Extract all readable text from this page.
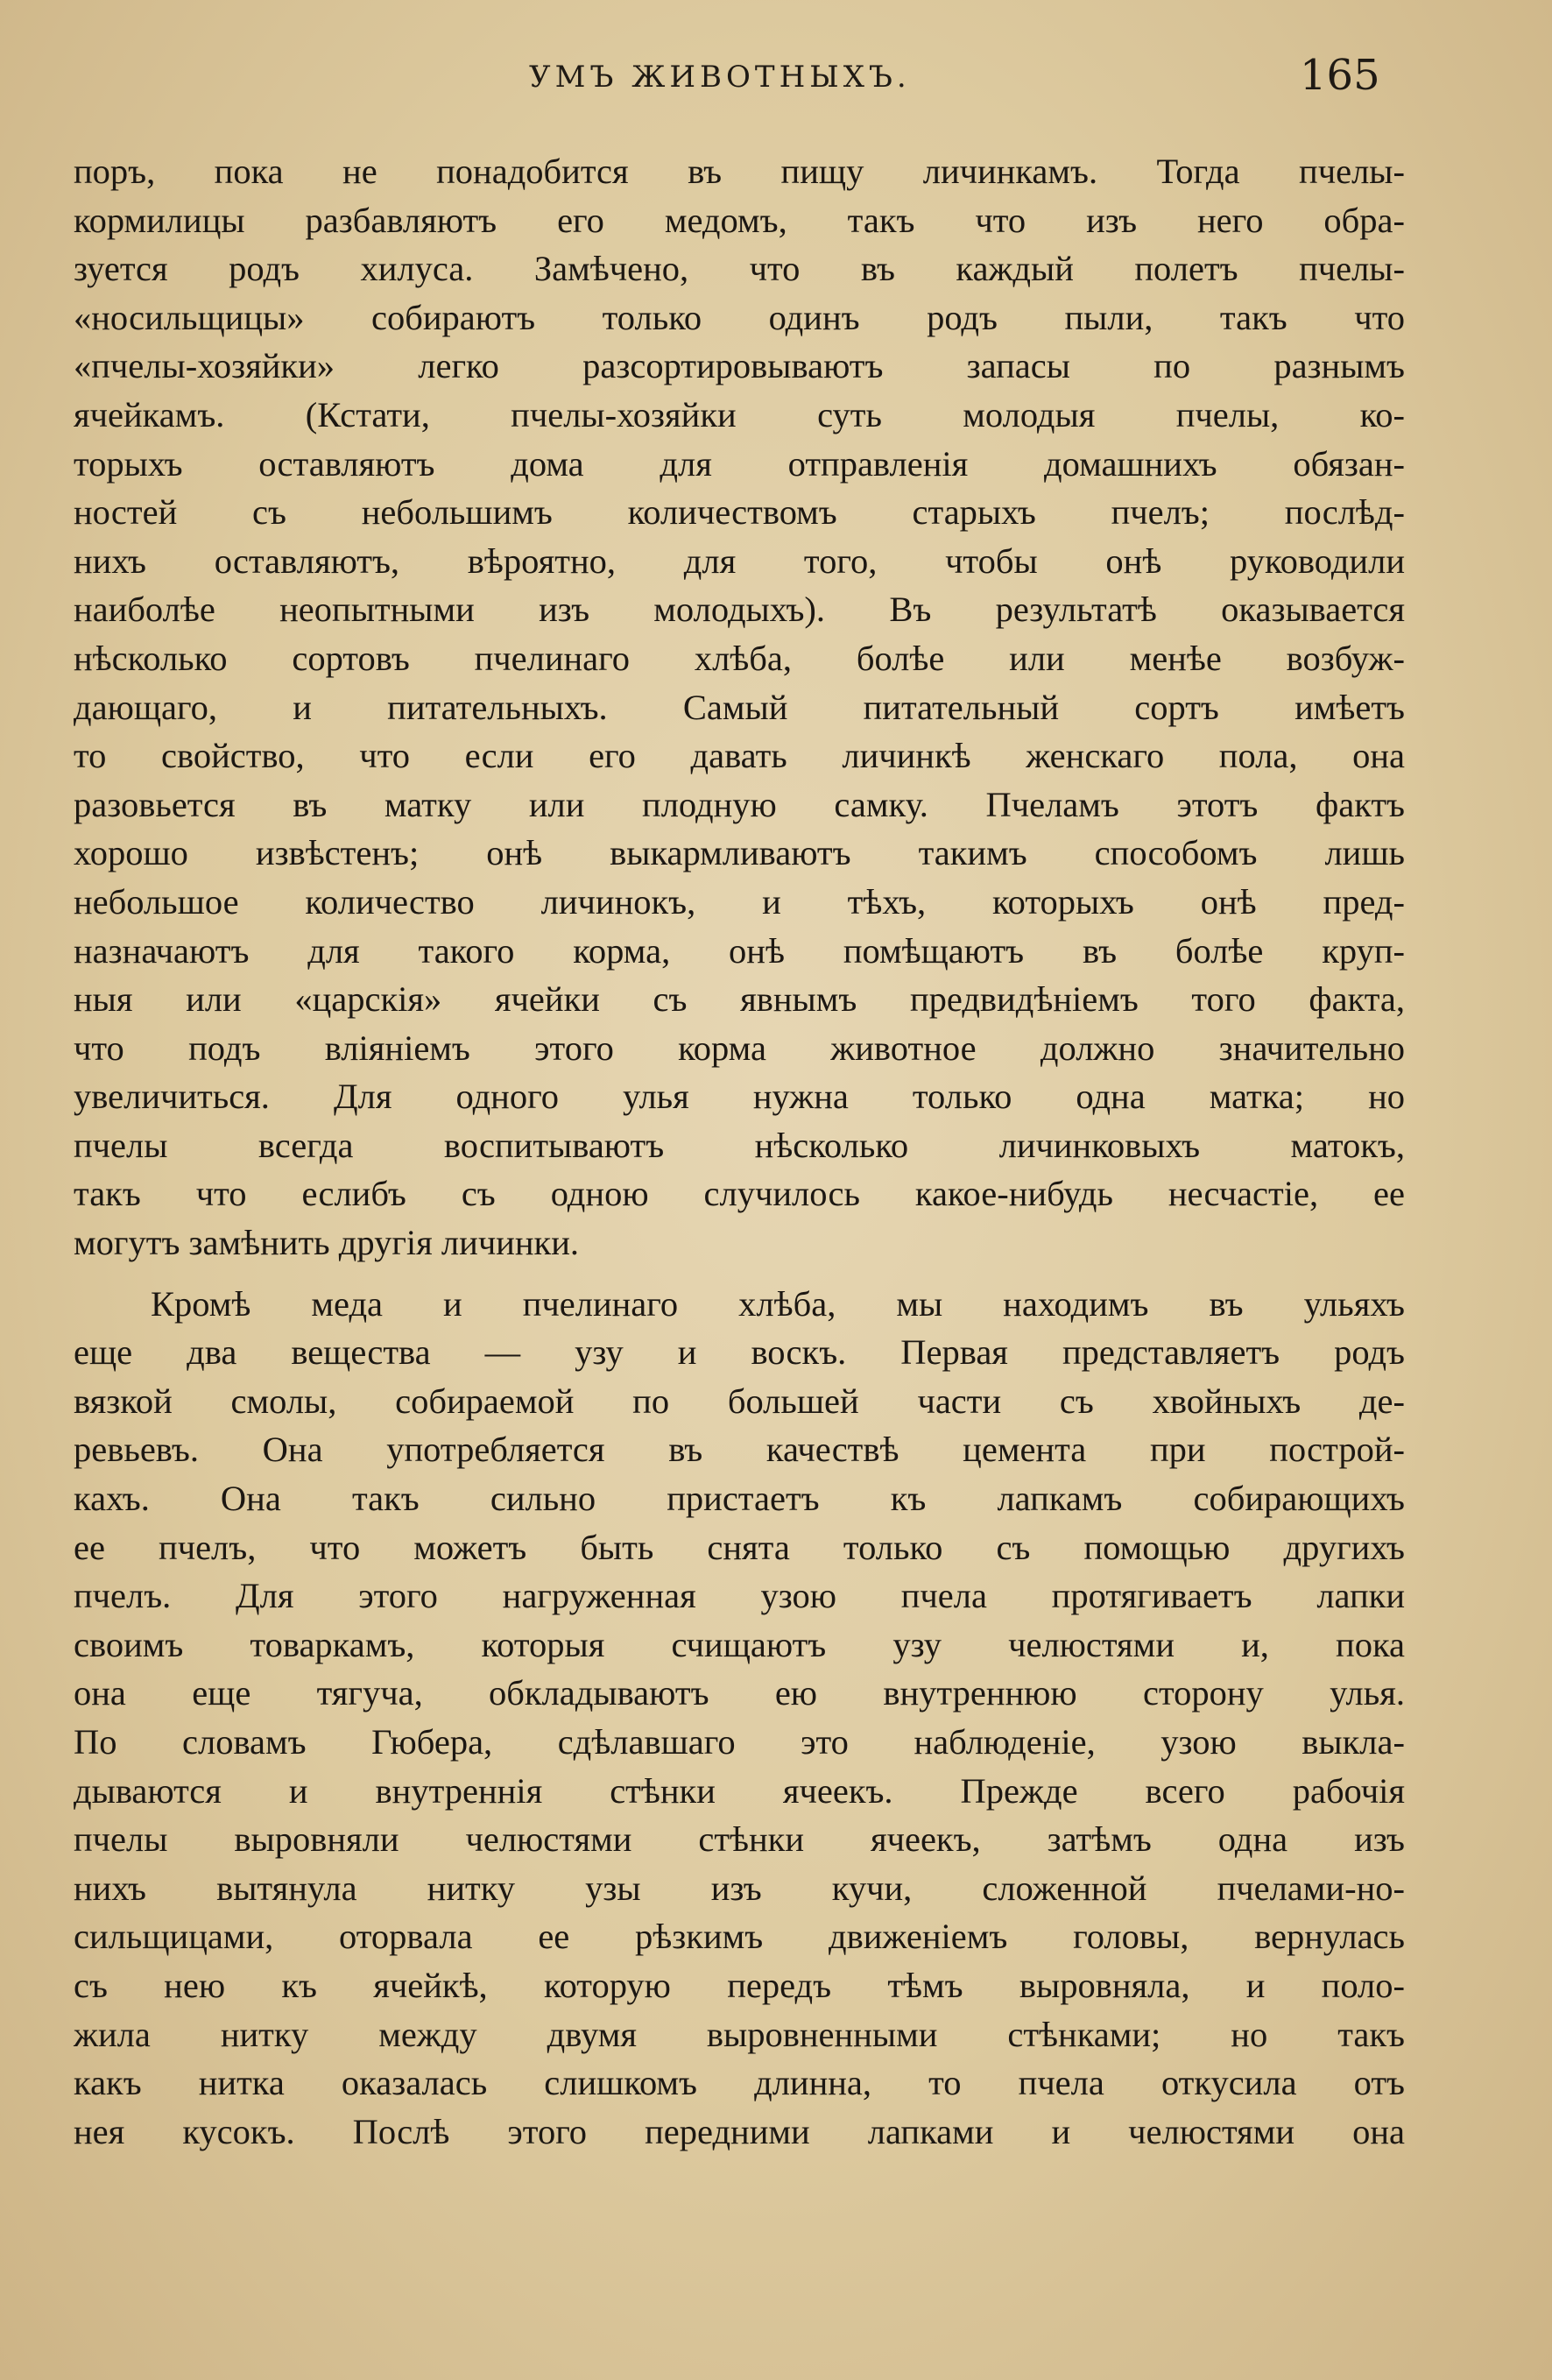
УМЪ ЖИВОТНЫХЪ.	165
поръ, пока не понадобится въ пищу личинкамъ. Тогда пчелы-
кормилицы разбавляютъ его медомъ, такъ что изъ него обра-
зуется родъ хилуса. Замѣчено, что въ каждый полетъ пчелы-
«носильщицы» собираютъ только одинъ родъ пыли, такъ что
«пчелы-хозяйки» легко разсортировываютъ запасы по разнымъ
ячейкамъ. (Кстати, пчелы-хозяйки суть молодыя пчелы, ко-
торыхъ оставляютъ дома для отправленія домашнихъ обязан-
ностей съ небольшимъ количествомъ старыхъ пчелъ; послѣд-
нихъ оставляютъ, вѣроятно, для того, чтобы онѣ руководили
наиболѣе неопытными изъ молодыхъ). Въ результатѣ оказывается
нѣсколько сортовъ пчелинаго хлѣба, болѣе или менѣе возбуж-
дающаго, и питательныхъ. Самый питательный сортъ имѣетъ
то свойство, что если его давать личинкѣ женскаго пола, она
разовьется въ матку или плодную самку. Пчеламъ этотъ фактъ
хорошо извѣстенъ; онѣ выкармливаютъ такимъ способомъ лишь
небольшое количество личинокъ, и тѣхъ, которыхъ онѣ пред-
назначаютъ для такого корма, онѣ помѣщаютъ въ болѣе круп-
ныя или «царскія» ячейки съ явнымъ предвидѣніемъ того факта,
что подъ вліяніемъ этого корма животное должно значительно
увеличиться. Для одного улья нужна только одна матка; но
пчелы всегда воспитываютъ нѣсколько личинковыхъ матокъ,
такъ что еслибъ съ одною случилось какое-нибудь несчастіе, ее
могутъ замѣнить другія личинки.
Кромѣ меда и пчелинаго хлѣба, мы находимъ въ ульяхъ
еще два вещества — узу и воскъ. Первая представляетъ родъ
вязкой смолы, собираемой по большей части съ хвойныхъ де-
ревьевъ. Она употребляется въ качествѣ цемента при построй-
кахъ. Она такъ сильно пристаетъ къ лапкамъ собирающихъ
ее пчелъ, что можетъ быть снята только съ помощью другихъ
пчелъ. Для этого нагруженная узою пчела протягиваетъ лапки
своимъ товаркамъ, которыя счищаютъ узу челюстями и, пока
она еще тягуча, обкладываютъ ею внутреннюю сторону улья.
По словамъ Гюбера, сдѣлавшаго это наблюденіе, узою выкла-
дываются и внутреннія стѣнки ячеекъ. Прежде всего рабочія
пчелы выровняли челюстями стѣнки ячеекъ, затѣмъ одна изъ
нихъ вытянула нитку узы изъ кучи, сложенной пчелами-но-
сильщицами, оторвала ее рѣзкимъ движеніемъ головы, вернулась
съ нею къ ячейкѣ, которую передъ тѣмъ выровняла, и поло-
жила нитку между двумя выровненными стѣнками; но такъ
какъ нитка оказалась слишкомъ длинна, то пчела откусила отъ
нея кусокъ. Послѣ этого передними лапками и челюстями она
